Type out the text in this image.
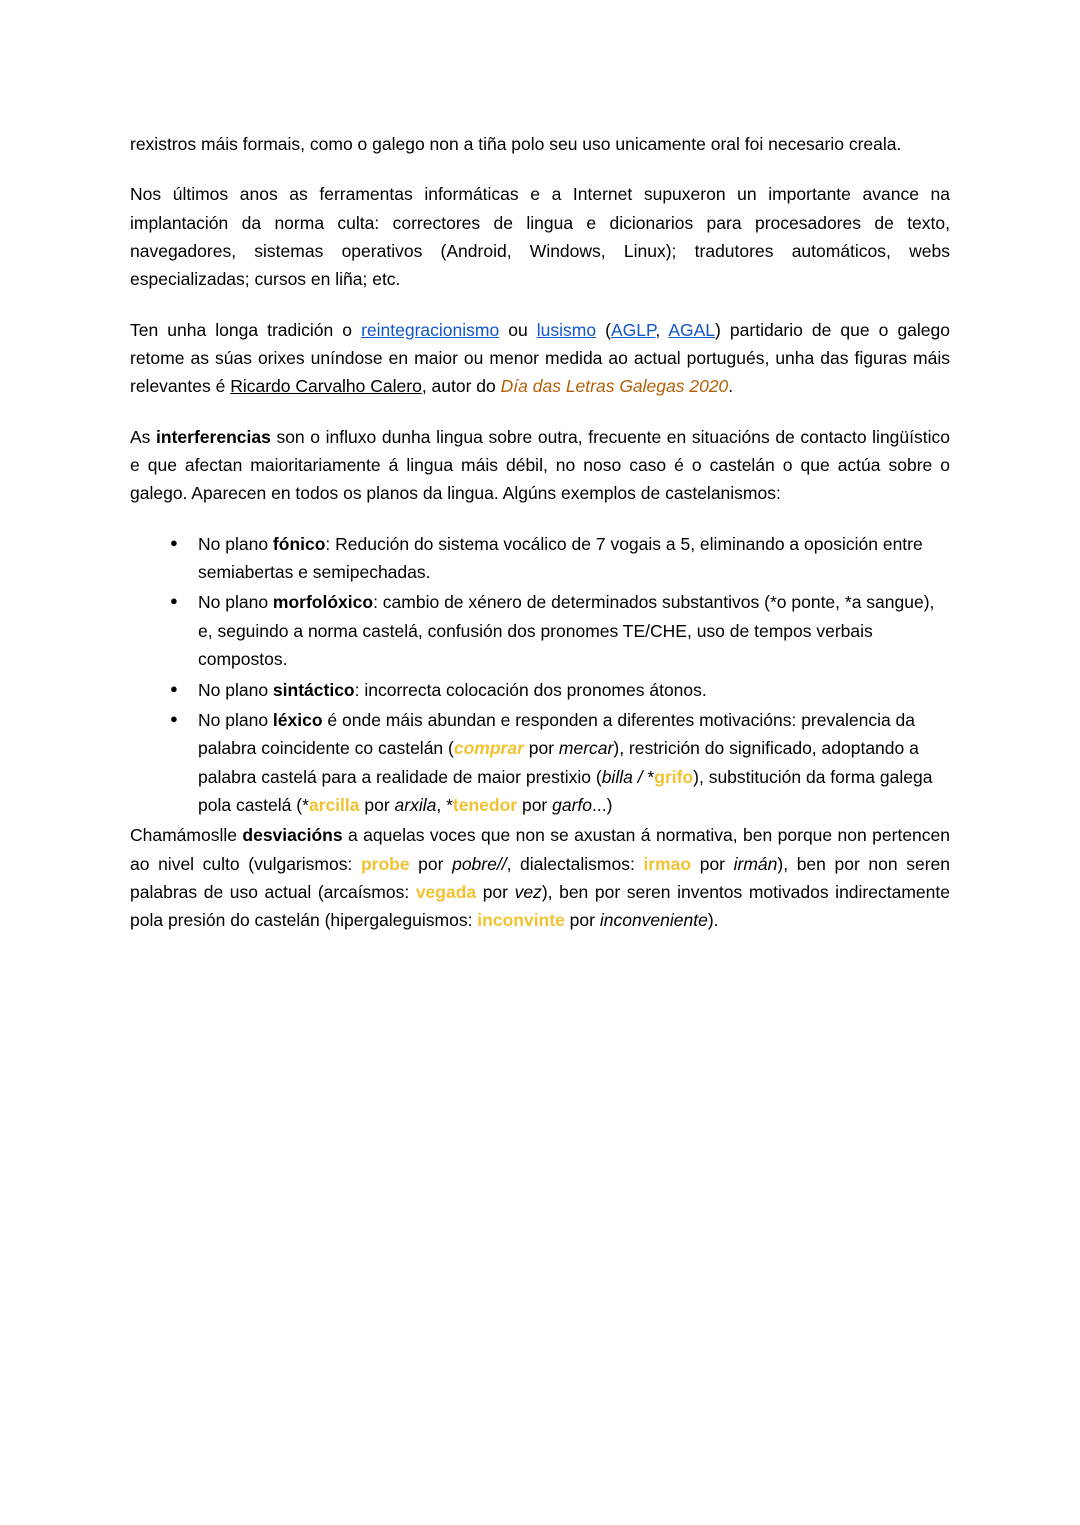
rexistros máis formais, como o galego non a tiña polo seu uso unicamente oral foi necesario creala.

Nos últimos anos as ferramentas informáticas e a Internet supuxeron un importante avance na implantación da norma culta: correctores de lingua e dicionarios para procesadores de texto, navegadores, sistemas operativos (Android, Windows, Linux); tradutores automáticos, webs especializadas; cursos en liña; etc.

Ten unha longa tradición o reintegracionismo ou lusismo (AGLP, AGAL) partidario de que o galego retome as súas orixes uníndose en maior ou menor medida ao actual portugués, unha das figuras máis relevantes é Ricardo Carvalho Calero, autor do Día das Letras Galegas 2020.

As interferencias son o influxo dunha lingua sobre outra, frecuente en situacións de contacto lingüístico e que afectan maioritariamente á lingua máis débil, no noso caso é o castelán o que actúa sobre o galego. Aparecen en todos os planos da lingua. Algúns exemplos de castelanismos:

● No plano fónico: Redución do sistema vocálico de 7 vogais a 5, eliminando a oposición entre semiabertas e semipechadas.
● No plano morfolóxico: cambio de xénero de determinados substantivos (*o ponte, *a sangue), e, seguindo a norma castelá, confusión dos pronomes TE/CHE, uso de tempos verbais compostos.
● No plano sintáctico: incorrecta colocación dos pronomes átonos.
● No plano léxico é onde máis abundan e responden a diferentes motivacións: prevalencia da palabra coincidente co castelán (comprar por mercar), restrición do significado, adoptando a palabra castelá para a realidade de maior prestixio (billa / *grifo), substitución da forma galega pola castelá (*arcilla por arxila, *tenedor por garfo...)

Chamámoslle desviacións a aquelas voces que non se axustan á normativa, ben porque non pertencen ao nivel culto (vulgarismos: probe por pobre//, dialectalismos: irmao por irmán), ben por non seren palabras de uso actual (arcaísmos: vegada por vez), ben por seren inventos motivados indirectamente pola presión do castelán (hipergaleguismos: inconvinte por inconveniente).
